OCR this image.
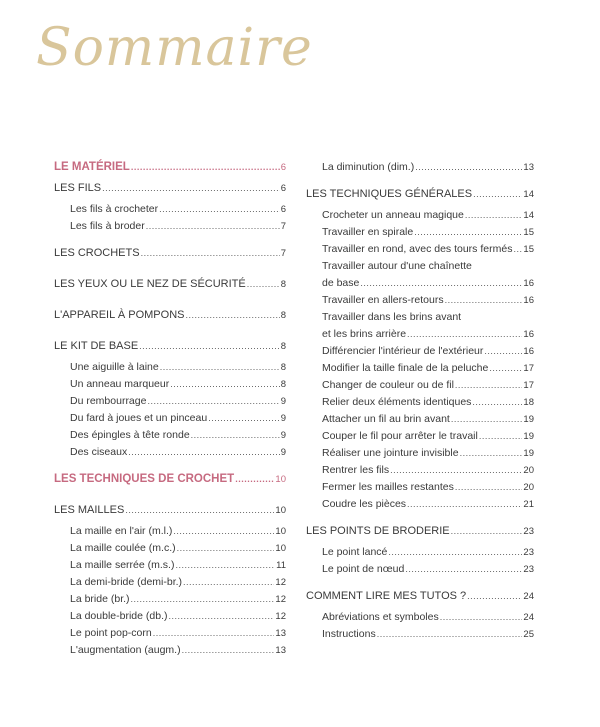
Sommaire
LE MATÉRIEL .....	6
LES FILS .....	6
Les fils à crocheter .....	6
Les fils à broder .....	7
LES CROCHETS .....	7
LES YEUX OU LE NEZ DE SÉCURITÉ .....	8
L'APPAREIL À POMPONS .....	8
LE KIT DE BASE .....	8
Une aiguille à laine .....	8
Un anneau marqueur .....	8
Du rembourrage .....	9
Du fard à joues et un pinceau .....	9
Des épingles à tête ronde .....	9
Des ciseaux .....	9
LES TECHNIQUES DE CROCHET .....	10
LES MAILLES .....	10
La maille en l'air (m.l.) .....	10
La maille coulée (m.c.) .....	10
La maille serrée (m.s.) .....	11
La demi-bride (demi-br.) .....	12
La bride (br.) .....	12
La double-bride (db.) .....	12
Le point pop-corn .....	13
L'augmentation (augm.) .....	13
La diminution (dim.) .....	13
LES TECHNIQUES GÉNÉRALES .....	14
Crocheter un anneau magique .....	14
Travailler en spirale .....	15
Travailler en rond, avec des tours fermés ..... 15
Travailler autour d'une chaînette
de base .....	16
Travailler en allers-retours .....	16
Travailler dans les brins avant
et les brins arrière .....	16
Différencier l'intérieur de l'extérieur .....	16
Modifier la taille finale de la peluche .....	17
Changer de couleur ou de fil .....	17
Relier deux éléments identiques .....	18
Attacher un fil au brin avant .....	19
Couper le fil pour arrêter le travail .....	19
Réaliser une jointure invisible .....	19
Rentrer les fils .....	20
Fermer les mailles restantes .....	20
Coudre les pièces .....	21
LES POINTS DE BRODERIE .....	23
Le point lancé .....	23
Le point de nœud .....	23
COMMENT LIRE MES TUTOS ? .....	24
Abréviations et symboles .....	24
Instructions .....	25
